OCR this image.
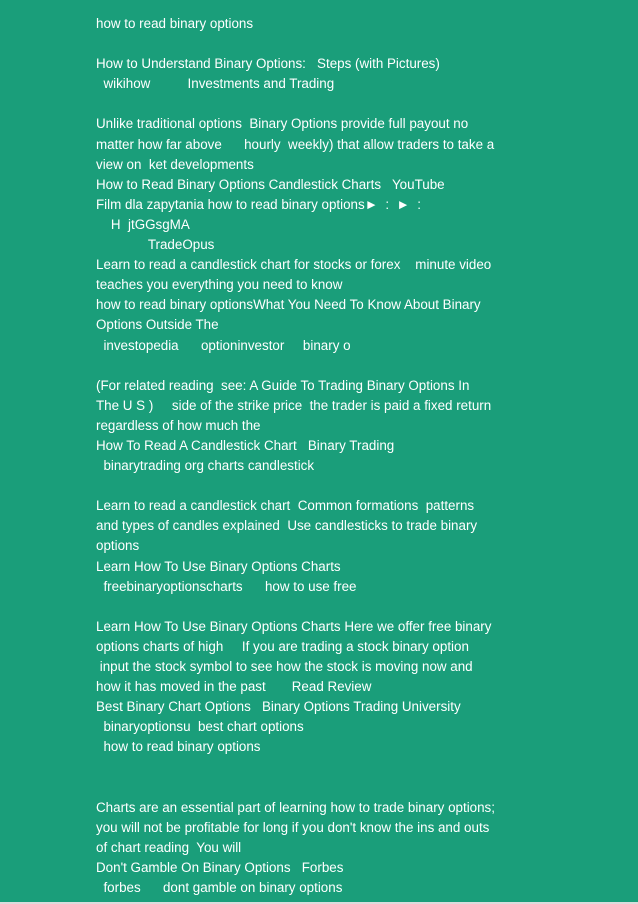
how to read binary options
How to Understand Binary Options:   Steps (with Pictures)
wikihow          Investments and Trading
Unlike traditional options  Binary Options provide full payout no
matter how far above      hourly  weekly) that allow traders to take a
view on  ket developments
How to Read Binary Options Candlestick Charts   YouTube
Film dla zapytania how to read binary options►  :  ►  :
H  jtGGsgMA
TradeOpus
Learn to read a candlestick chart for stocks or forex    minute video
teaches you everything you need to know
how to read binary optionsWhat You Need To Know About Binary
Options Outside The
investopedia      optioninvestor     binary o
(For related reading  see: A Guide To Trading Binary Options In
The U S )     side of the strike price  the trader is paid a fixed return
regardless of how much the
How To Read A Candlestick Chart   Binary Trading
binarytrading org charts candlestick
Learn to read a candlestick chart  Common formations  patterns
and types of candles explained  Use candlesticks to trade binary
options
Learn How To Use Binary Options Charts
freebinaryoptionscharts      how to use free
Learn How To Use Binary Options Charts Here we offer free binary
options charts of high     If you are trading a stock binary option
input the stock symbol to see how the stock is moving now and
how it has moved in the past       Read Review
Best Binary Chart Options   Binary Options Trading University
binaryoptionsu  best chart options
how to read binary options
Charts are an essential part of learning how to trade binary options;
you will not be profitable for long if you don't know the ins and outs
of chart reading  You will
Don't Gamble On Binary Options   Forbes
forbes      dont gamble on binary options
